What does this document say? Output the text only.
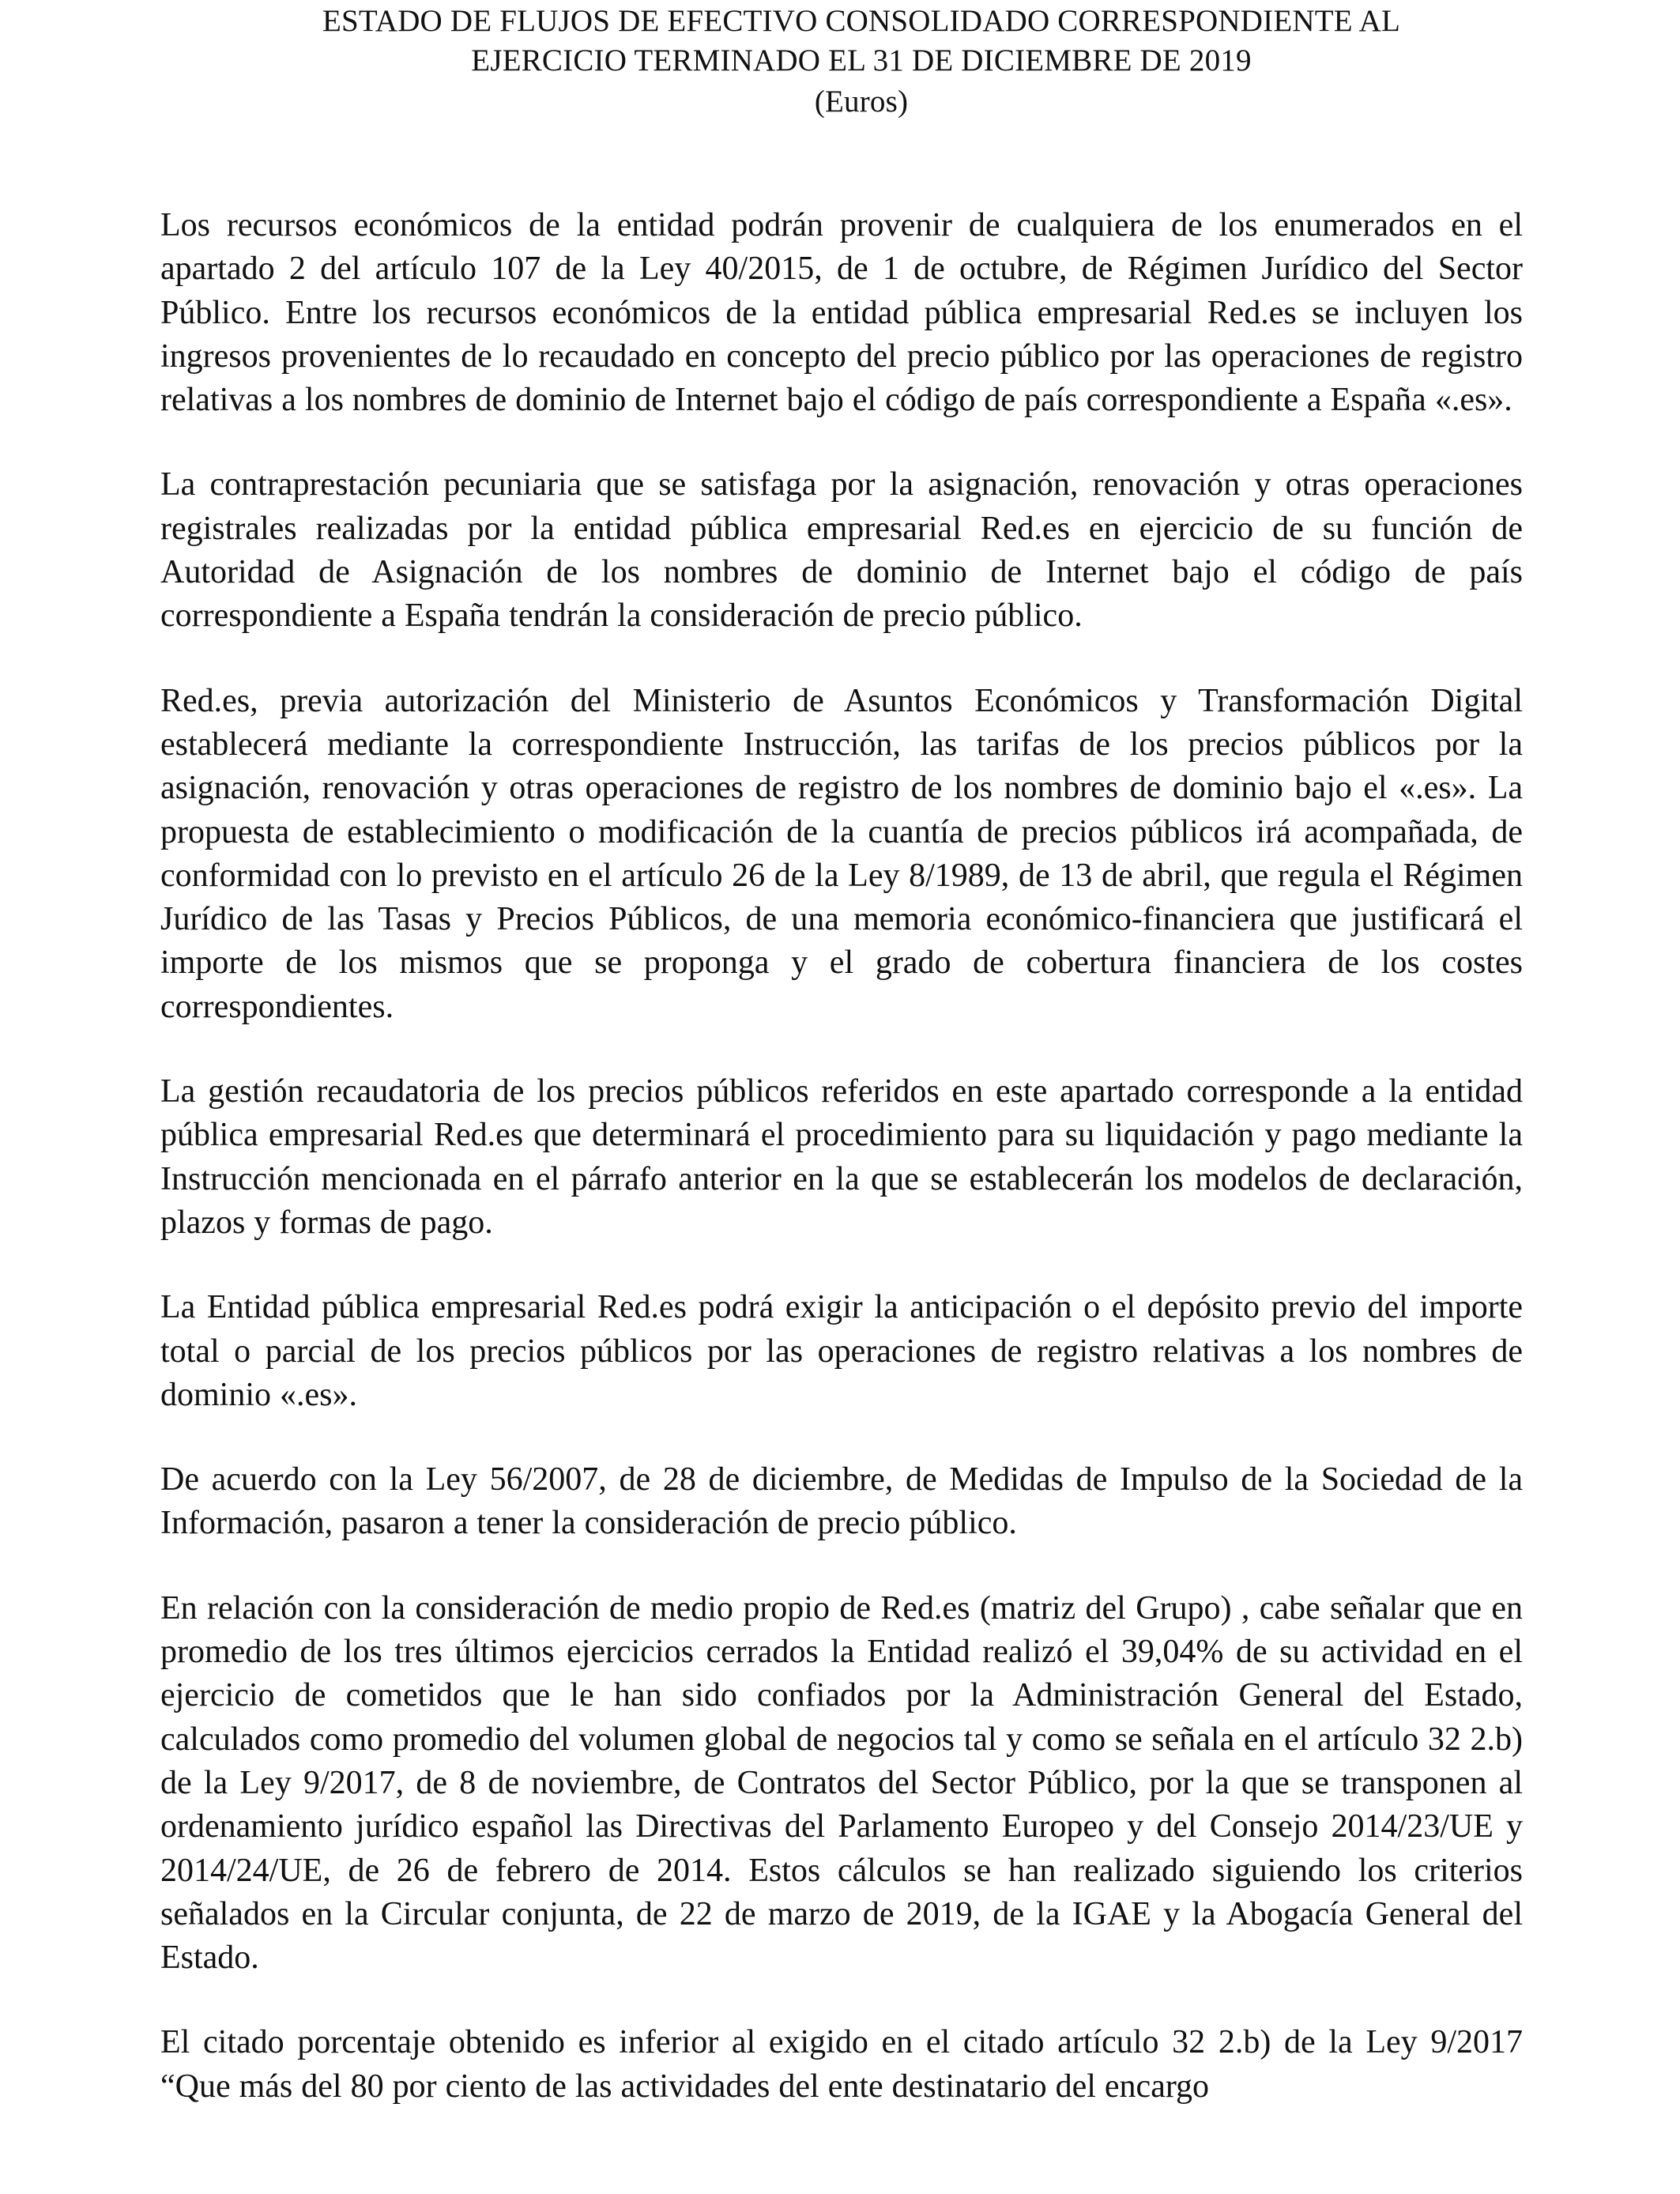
ESTADO DE FLUJOS DE EFECTIVO CONSOLIDADO CORRESPONDIENTE AL
EJERCICIO TERMINADO EL 31 DE DICIEMBRE DE 2019
(Euros)

Los recursos económicos de la entidad podrán provenir de cualquiera de los enumerados en el apartado 2 del artículo 107 de la Ley 40/2015, de 1 de octubre, de Régimen Jurídico del Sector Público. Entre los recursos económicos de la entidad pública empresarial Red.es se incluyen los ingresos provenientes de lo recaudado en concepto del precio público por las operaciones de registro relativas a los nombres de dominio de Internet bajo el código de país correspondiente a España «.es».

La contraprestación pecuniaria que se satisfaga por la asignación, renovación y otras operaciones registrales realizadas por la entidad pública empresarial Red.es en ejercicio de su función de Autoridad de Asignación de los nombres de dominio de Internet bajo el código de país correspondiente a España tendrán la consideración de precio público.

Red.es, previa autorización del Ministerio de Asuntos Económicos y Transformación Digital establecerá mediante la correspondiente Instrucción, las tarifas de los precios públicos por la asignación, renovación y otras operaciones de registro de los nombres de dominio bajo el «.es». La propuesta de establecimiento o modificación de la cuantía de precios públicos irá acompañada, de conformidad con lo previsto en el artículo 26 de la Ley 8/1989, de 13 de abril, que regula el Régimen Jurídico de las Tasas y Precios Públicos, de una memoria económico-financiera que justificará el importe de los mismos que se proponga y el grado de cobertura financiera de los costes correspondientes.

La gestión recaudatoria de los precios públicos referidos en este apartado corresponde a la entidad pública empresarial Red.es que determinará el procedimiento para su liquidación y pago mediante la Instrucción mencionada en el párrafo anterior en la que se establecerán los modelos de declaración, plazos y formas de pago.

La Entidad pública empresarial Red.es podrá exigir la anticipación o el depósito previo del importe total o parcial de los precios públicos por las operaciones de registro relativas a los nombres de dominio «.es».

De acuerdo con la Ley 56/2007, de 28 de diciembre, de Medidas de Impulso de la Sociedad de la Información, pasaron a tener la consideración de precio público.

En relación con la consideración de medio propio de Red.es (matriz del Grupo) , cabe señalar que en promedio de los tres últimos ejercicios cerrados la Entidad realizó el 39,04% de su actividad en el ejercicio de cometidos que le han sido confiados por la Administración General del Estado, calculados como promedio del volumen global de negocios tal y como se señala en el artículo 32 2.b) de la Ley 9/2017, de 8 de noviembre, de Contratos del Sector Público, por la que se transponen al ordenamiento jurídico español las Directivas del Parlamento Europeo y del Consejo 2014/23/UE y 2014/24/UE, de 26 de febrero de 2014. Estos cálculos se han realizado siguiendo los criterios señalados en la Circular conjunta, de 22 de marzo de 2019, de la IGAE y la Abogacía General del Estado.

El citado porcentaje obtenido es inferior al exigido en el citado artículo 32 2.b) de la Ley 9/2017 “Que más del 80 por ciento de las actividades del ente destinatario del encargo
